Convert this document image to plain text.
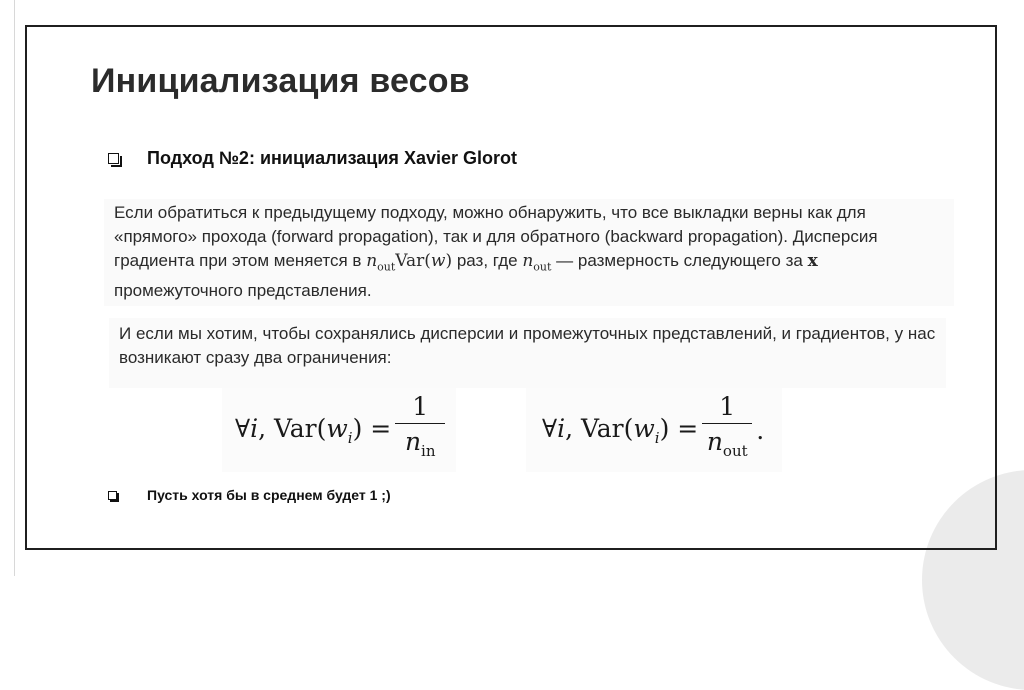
Инициализация весов
Подход №2: инициализация Xavier Glorot
Если обратиться к предыдущему подходу, можно обнаружить, что все выкладки верны как для
«прямого» прохода (forward propagation), так и для обратного (backward propagation). Дисперсия
градиента при этом меняется в $n_{out}Var(w)$ раз, где $n_{out}$ — размерность следующего за x
промежуточного представления.
И если мы хотим, чтобы сохранялись дисперсии и промежуточных представлений, и градиентов, у нас
возникают сразу два ограничения:
∀i, $Var(w_i) = \frac{1}{n_{in}}$	∀i, $Var(w_i) = \frac{1}{n_{out}}$ .
Пусть хотя бы в среднем будет 1 ;)
